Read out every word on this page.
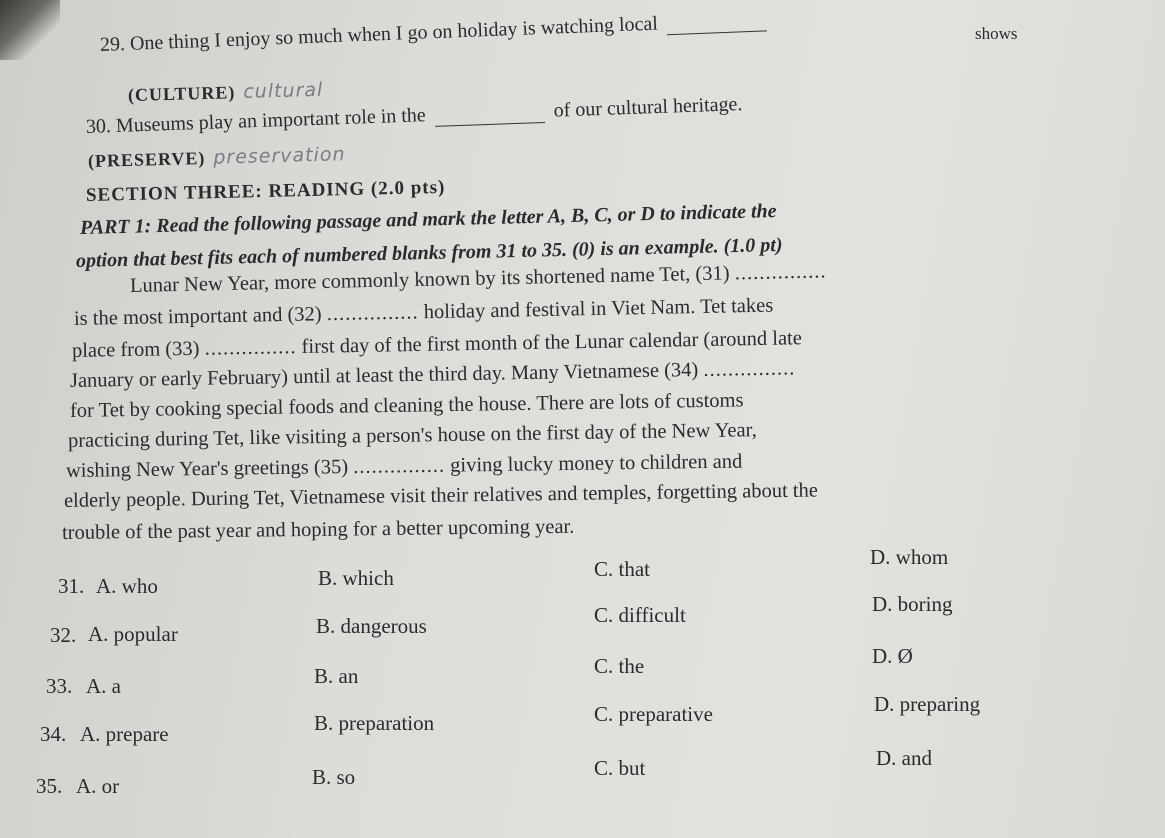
shows
29. One thing I enjoy so much when I go on holiday is watching local
(CULTURE) cultural
30. Museums play an important role in the	of our cultural heritage.
(PRESERVE) preservation
SECTION THREE: READING (2.0 pts)
PART 1: Read the following passage and mark the letter A, B, C, or D to indicate the
option that best fits each of numbered blanks from 31 to 35. (0) is an example. (1.0 pt)
Lunar New Year, more commonly known by its shortened name Tet, (31) ...............
is the most important and (32) ............... holiday and festival in Viet Nam. Tet takes
place from (33) ............... first day of the first month of the Lunar calendar (around late
January or early February) until at least the third day. Many Vietnamese (34) ...............
for Tet by cooking special foods and cleaning the house. There are lots of customs
practicing during Tet, like visiting a person's house on the first day of the New Year,
wishing New Year's greetings (35) ............... giving lucky money to children and
elderly people. During Tet, Vietnamese visit their relatives and temples, forgetting about the
trouble of the past year and hoping for a better upcoming year.
31. A. who	B. which	C. that	D. whom
32. A. popular	B. dangerous	C. difficult	D. boring
33. A. a	B. an	C. the	D. Ø
34. A. prepare	B. preparation	C. preparative	D. preparing
35. A. or	B. so	C. but	D. and
